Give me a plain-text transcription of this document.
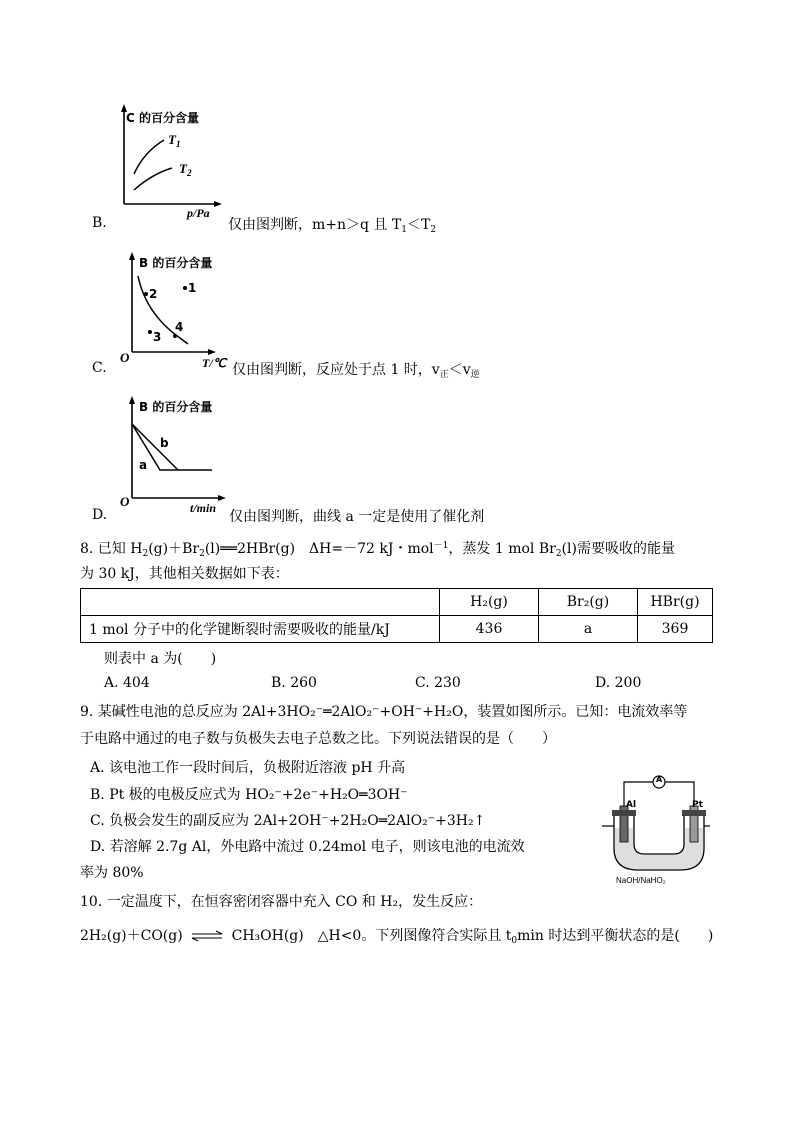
C 的百分含量
$T_1$
$T_2$
p/Pa
B.	仅由图判断，m+n＞q 且 $T_1<T_2$
B 的百分含量
2	1
3
4
O	T/℃
C.	仅由图判断，反应处于点 1 时，$v_正<v_逆$
B 的百分含量
b
a
O	t/min
D.	仅由图判断，曲线 a 一定是使用了催化剂
8. 已知 $H_2(g)+Br_2(l)══2HBr(g)$　ΔH=－72 kJ・mol$^{-1}$，蒸发 1 mol $Br_2(l)$需要吸收的能量
为 30 kJ，其他相关数据如下表：
	H₂(g)	Br₂(g)	HBr(g)
1 mol 分子中的化学键断裂时需要吸收的能量/kJ	436	a	369
则表中 a 为(　　)
A. 404	B. 260	C. 230	D. 200
9. 某碱性电池的总反应为 2Al+3HO₂⁻═2AlO₂⁻+OH⁻+H₂O，装置如图所示。已知：电流效率等
于电路中通过的电子数与负极失去电子总数之比。下列说法错误的是（　　）
A. 该电池工作一段时间后，负极附近溶液 pH 升高
B. Pt 极的电极反应式为 HO₂⁻+2e⁻+H₂O═3OH⁻
C. 负极会发生的副反应为 2Al+2OH⁻+2H₂O═2AlO₂⁻+3H₂↑
D. 若溶解 2.7g Al，外电路中流过 0.24mol 电子，则该电池的电流效
率为 80%
A
Al	Pt
NaOH/NaHO₂
10. 一定温度下，在恒容密闭容器中充入 CO 和 H₂，发生反应：
2H₂(g)＋CO(g) ⇌ CH₃OH(g)　△H<0。下列图像符合实际且 $t_0\min$ 时达到平衡状态的是(　　)
